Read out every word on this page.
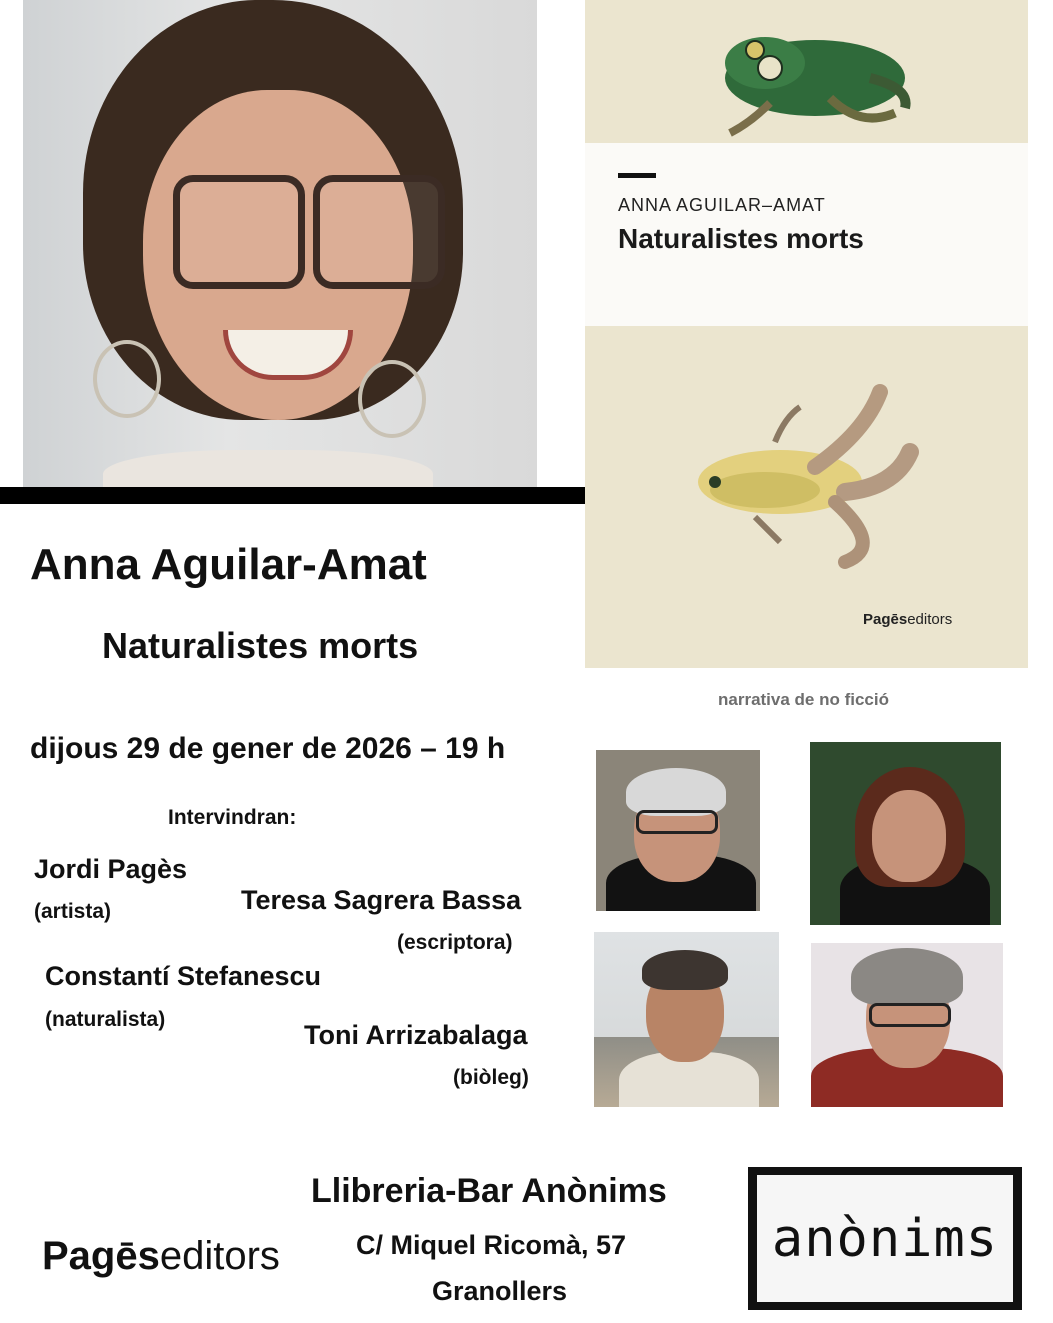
ANNA AGUILAR–AMAT
Naturalistes morts
Pagēseditors
Anna Aguilar-Amat
Naturalistes morts
narrativa de no ficció
dijous 29 de gener de 2026 – 19 h
Intervindran:
Jordi Pagès
(artista)	Teresa Sagrera Bassa
(escriptora)
Constantí Stefanescu
(naturalista)
Toni Arrizabalaga
(biòleg)
Llibreria-Bar Anònims
C/ Miquel Ricomà, 57
Granollers
Pagēseditors	anònims
